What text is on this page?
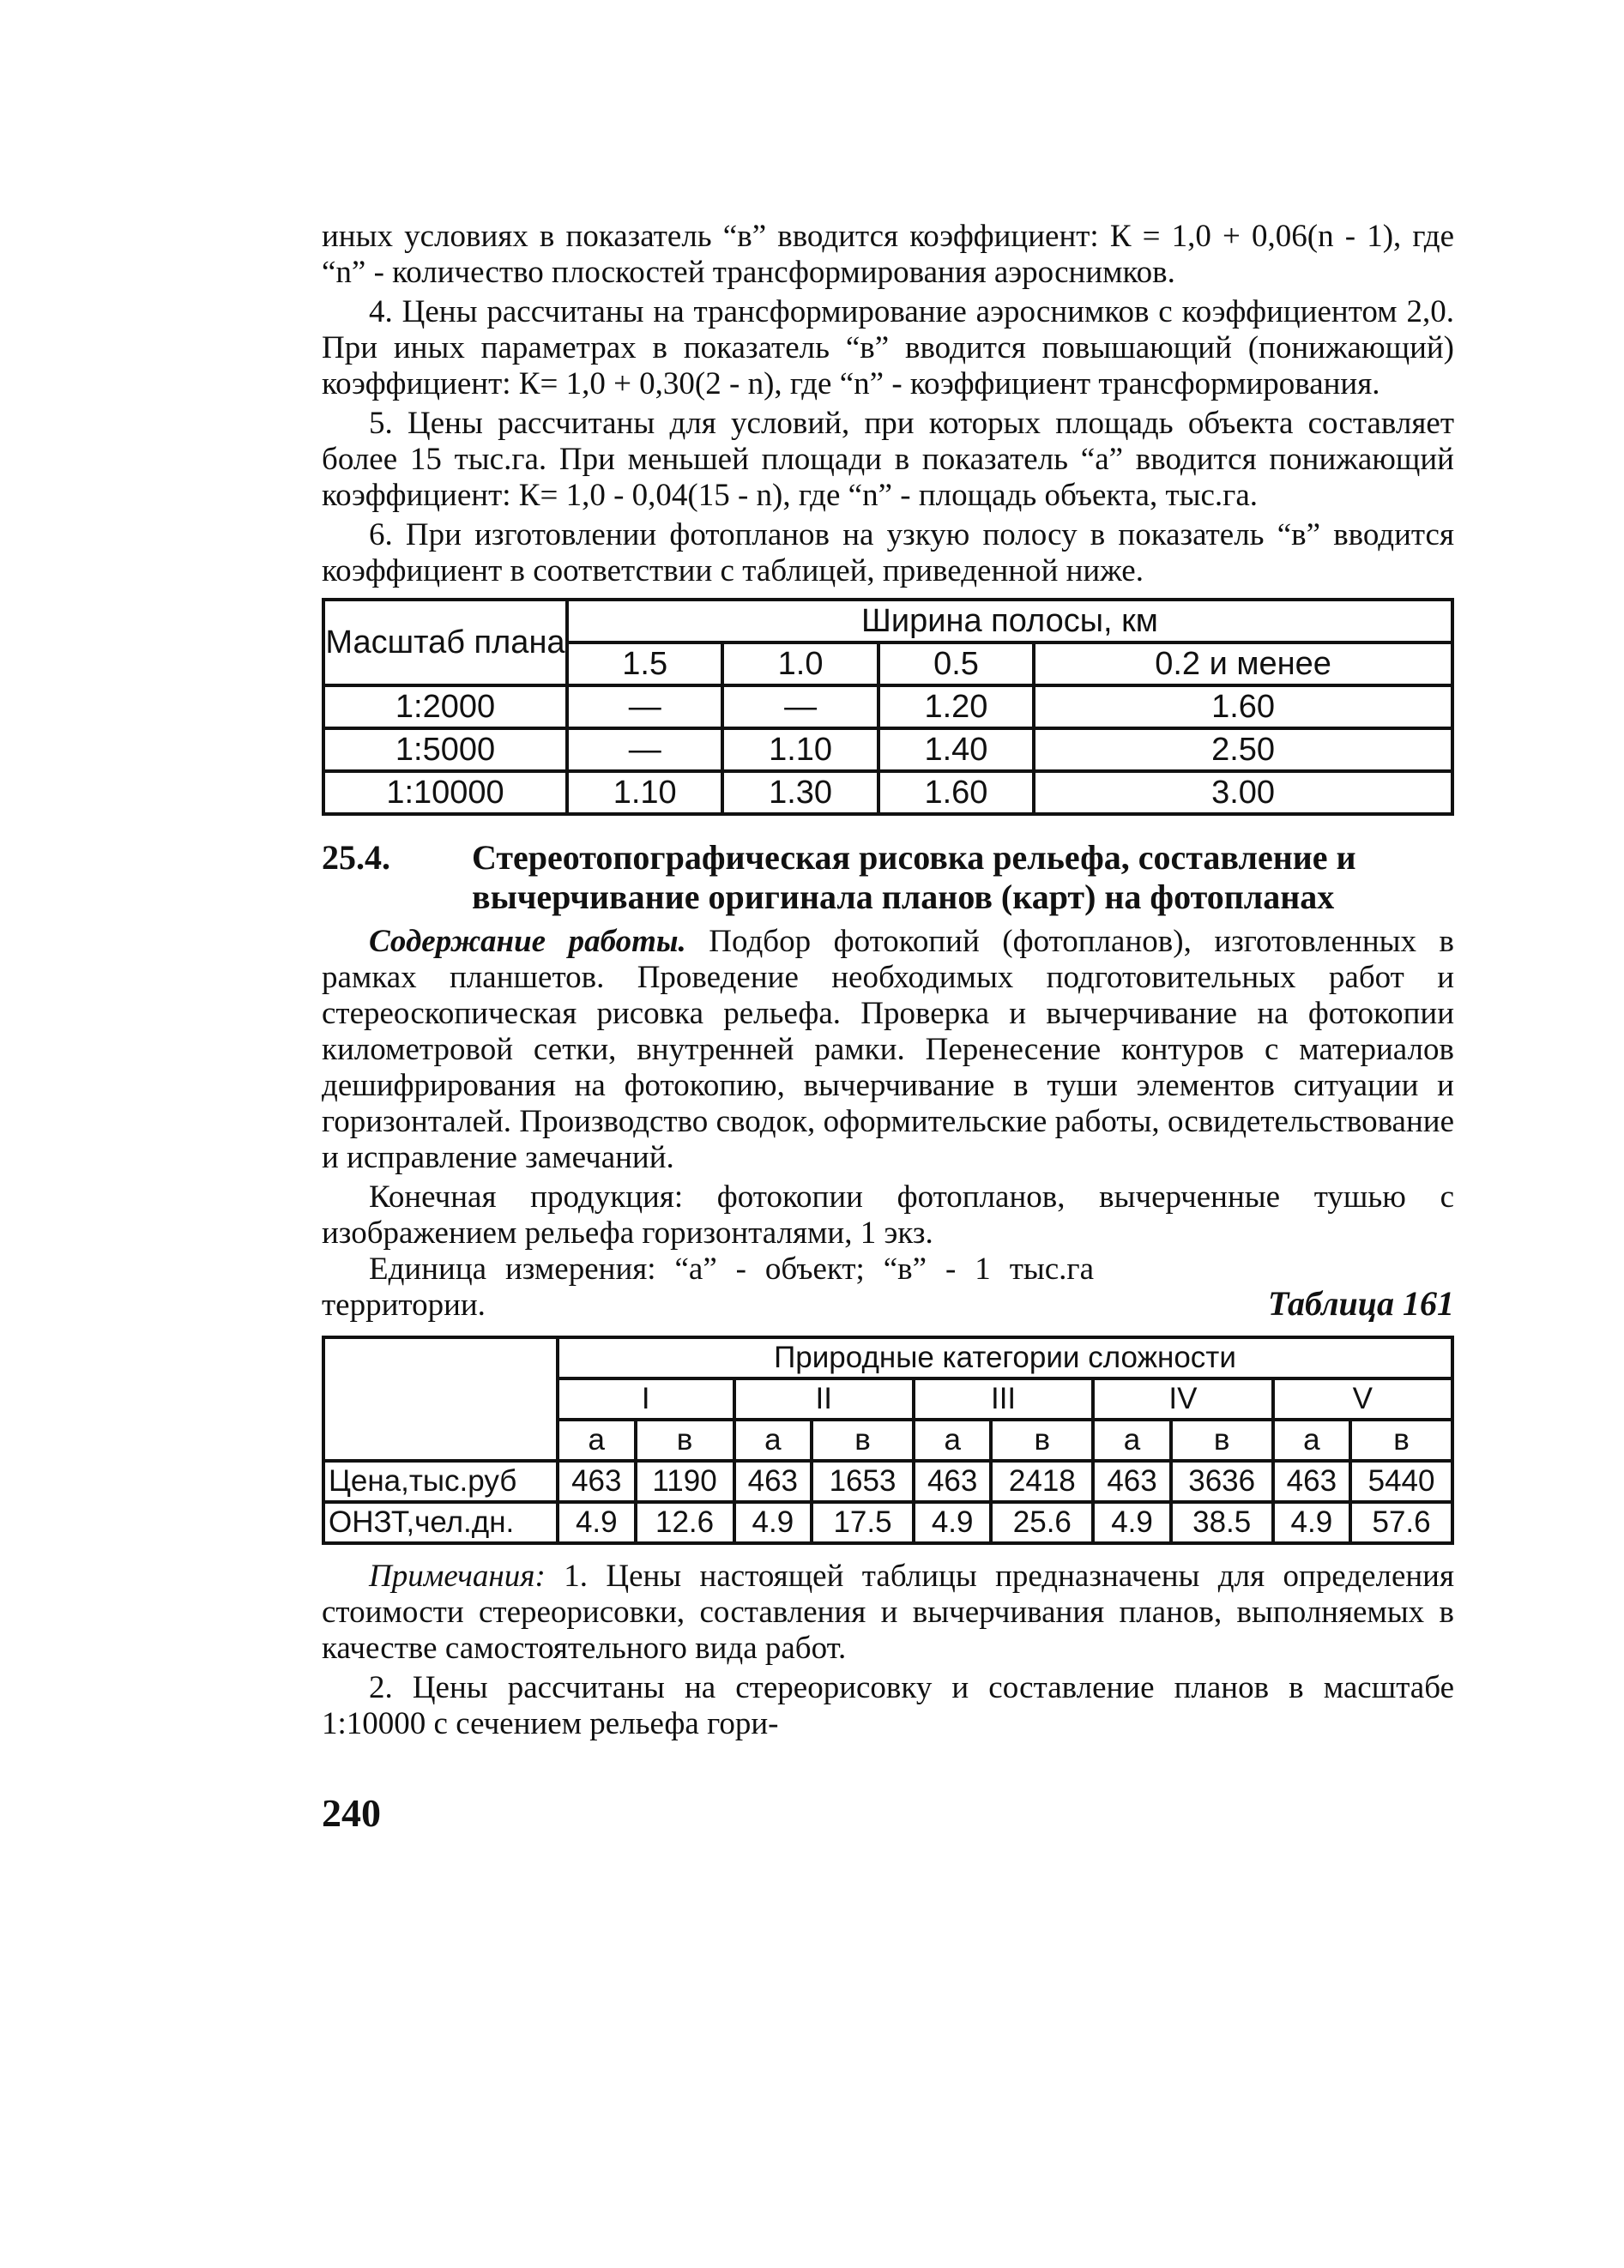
иных условиях в показатель “в” вводится коэффициент: К = 1,0 + 0,06(n - 1), где “n” - количество плоскостей трансформирования аэроснимков.

4. Цены рассчитаны на трансформирование аэроснимков с коэффициентом 2,0. При иных параметрах в показатель “в” вводится повышающий (понижающий) коэффициент: К= 1,0 + 0,30(2 - n), где “n” - коэффициент трансформирования.

5. Цены рассчитаны для условий, при которых площадь объекта составляет более 15 тыс.га. При меньшей площади в показатель “а” вводится понижающий коэффициент: К= 1,0 - 0,04(15 - n), где “n” - площадь объекта, тыс.га.

6. При изготовлении фотопланов на узкую полосу в показатель “в” вводится коэффициент в соответствии с таблицей, приведенной ниже.

Масштаб плана	Ширина полосы, км			
	1.5	1.0	0.5	0.2 и менее
1:2000	—	—	1.20	1.60
1:5000	—	1.10	1.40	2.50
1:10000	1.10	1.30	1.60	3.00
25.4.	Стереотопографическая рисовка рельефа, составление и вычерчивание оригинала планов (карт) на фотопланах

Содержание работы. Подбор фотокопий (фотопланов), изготовленных в рамках планшетов. Проведение необходимых подготовительных работ и стереоскопическая рисовка рельефа. Проверка и вычерчивание на фотокопии километровой сетки, внутренней рамки. Перенесение контуров с материалов дешифрирования на фотокопию, вычерчивание в туши элементов ситуации и горизонталей. Производство сводок, оформительские работы, освидетельствование и исправление замечаний.

Конечная продукция: фотокопии фотопланов, вычерченные тушью с изображением рельефа горизонталями, 1 экз.

Единица измерения: “а” - объект; “в” - 1 тыс.га территории.	Таблица 161
	Природные категории сложности									
	I		II		III		IV		V	
	а	в	а	в	а	в	а	в	а	в
Цена,тыс.руб	463	1190	463	1653	463	2418	463	3636	463	5440
ОНЗТ,чел.дн.	4.9	12.6	4.9	17.5	4.9	25.6	4.9	38.5	4.9	57.6

Примечания: 1. Цены настоящей таблицы предназначены для определения стоимости стереорисовки, составления и вычерчивания планов, выполняемых в качестве самостоятельного вида работ.

2. Цены рассчитаны на стереорисовку и составление планов в масштабе 1:10000 с сечением рельефа гори-

240
